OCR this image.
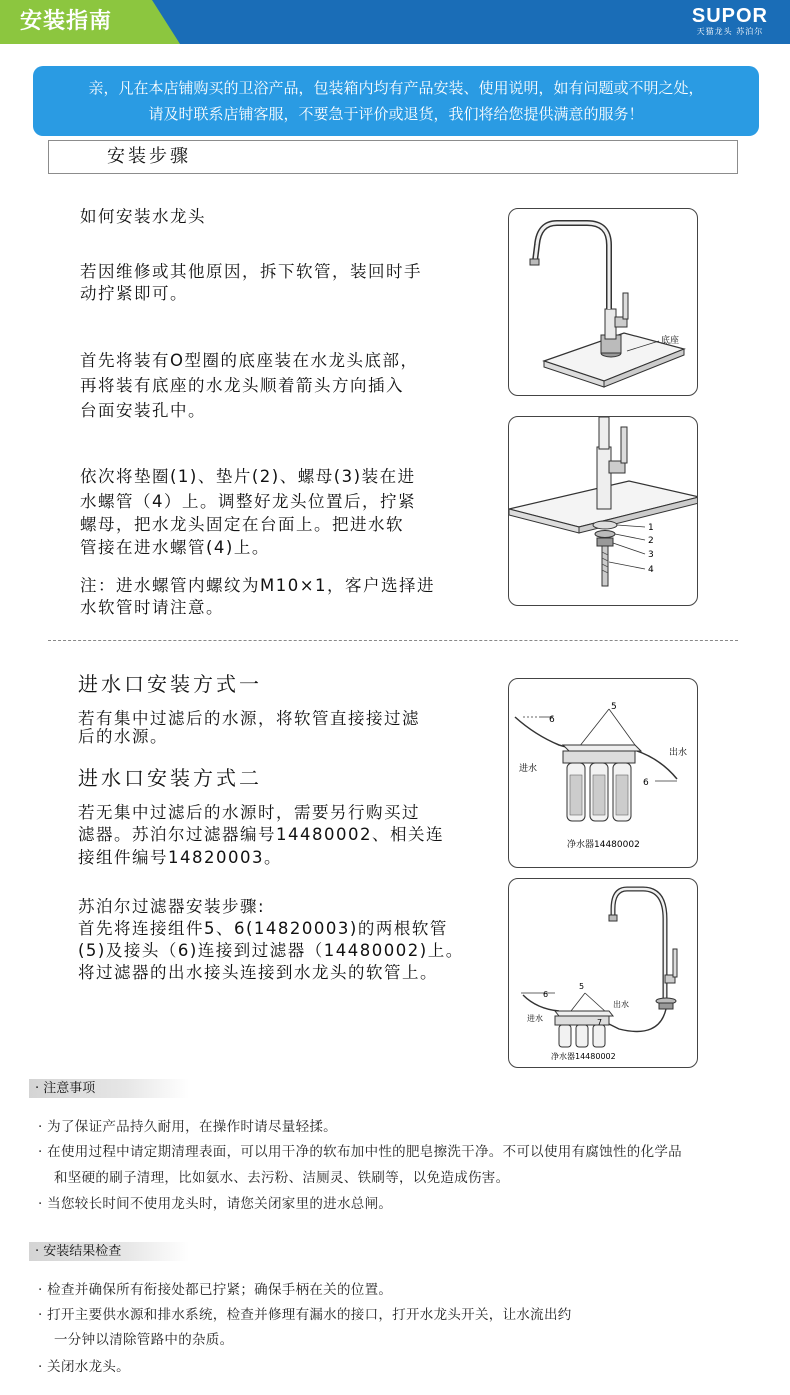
安装指南	SUPOR
天猫龙头 苏泊尔
亲，凡在本店铺购买的卫浴产品，包装箱内均有产品安装、使用说明，如有问题或不明之处，
请及时联系店铺客服，不要急于评价或退货，我们将给您提供满意的服务！
安装步骤
如何安装水龙头
若因维修或其他原因，拆下软管，装回时手
动拧紧即可。
首先将装有O型圈的底座装在水龙头底部，
再将装有底座的水龙头顺着箭头方向插入
台面安装孔中。
依次将垫圈(1)、垫片(2)、螺母(3)装在进
水螺管（4）上。调整好龙头位置后，拧紧
螺母，把水龙头固定在台面上。把进水软
管接在进水螺管(4)上。
注：进水螺管内螺纹为M10×1，客户选择进
水软管时请注意。
底座
1
2
3
4
进水口安装方式一
若有集中过滤后的水源，将软管直接接过滤
后的水源。
进水口安装方式二
若无集中过滤后的水源时，需要另行购买过
滤器。苏泊尔过滤器编号14480002、相关连
接组件编号14820003。
苏泊尔过滤器安装步骤:
首先将连接组件5、6(14820003)的两根软管
(5)及接头（6)连接到过滤器（14480002)上。
将过滤器的出水接头连接到水龙头的软管上。
6
5
进水
出水
6
净水器14480002
6
5
进水
出水
7
净水器14480002
· 注意事项
· 为了保证产品持久耐用，在操作时请尽量轻揉。
· 在使用过程中请定期清理表面，可以用干净的软布加中性的肥皂擦洗干净。不可以使用有腐蚀性的化学品
和坚硬的刷子清理，比如氨水、去污粉、洁厕灵、铁刷等，以免造成伤害。
· 当您较长时间不使用龙头时，请您关闭家里的进水总闸。
· 安装结果检查
· 检查并确保所有衔接处都已拧紧；确保手柄在关的位置。
· 打开主要供水源和排水系统，检查并修理有漏水的接口，打开水龙头开关，让水流出约
一分钟以清除管路中的杂质。
· 关闭水龙头。
